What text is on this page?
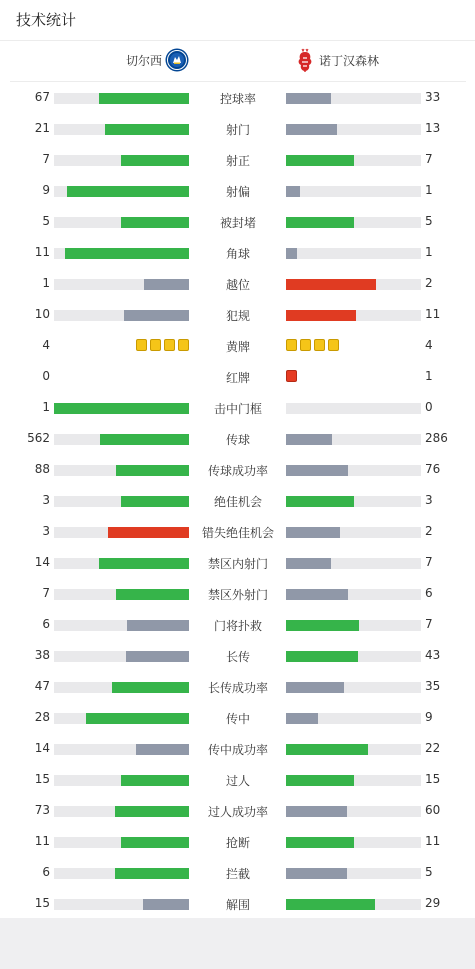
技术统计
切尔西	诺丁汉森林
67	控球率	33
21	射门	13
7	射正	7
9	射偏	1
5	被封堵	5
11	角球	1
1	越位	2
10	犯规	11
4	黄牌	4
0	红牌	1
1	击中门框	0
562	传球	286
88	传球成功率	76
3	绝佳机会	3
3	错失绝佳机会	2
14	禁区内射门	7
7	禁区外射门	6
6	门将扑救	7
38	长传	43
47	长传成功率	35
28	传中	9
14	传中成功率	22
15	过人	15
73	过人成功率	60
11	抢断	11
6	拦截	5
15	解围	29
